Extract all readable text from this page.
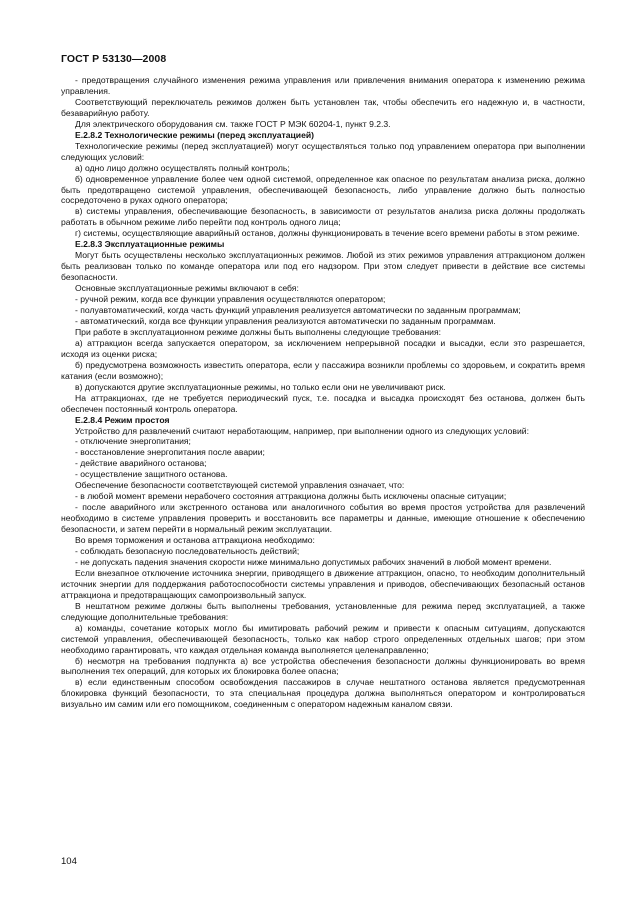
ГОСТ Р 53130—2008

- предотвращения случайного изменения режима управления или привлечения внимания оператора к изменению режима управления.

Соответствующий переключатель режимов должен быть установлен так, чтобы обеспечить его надежную и, в частности, безаварийную работу.

Для электрического оборудования см. также ГОСТ Р МЭК 60204-1, пункт 9.2.3.

Е.2.8.2 Технологические режимы (перед эксплуатацией)

Технологические режимы (перед эксплуатацией) могут осуществляться только под управлением оператора при выполнении следующих условий:

а) одно лицо должно осуществлять полный контроль;

б) одновременное управление более чем одной системой, определенное как опасное по результатам анализа риска, должно быть предотвращено системой управления, обеспечивающей безопасность, либо управление должно быть полностью сосредоточено в руках одного оператора;

в) системы управления, обеспечивающие безопасность, в зависимости от результатов анализа риска должны продолжать работать в обычном режиме либо перейти под контроль одного лица;

г) системы, осуществляющие аварийный останов, должны функционировать в течение всего времени работы в этом режиме.

Е.2.8.3 Эксплуатационные режимы

Могут быть осуществлены несколько эксплуатационных режимов. Любой из этих режимов управления аттракционом должен быть реализован только по команде оператора или под его надзором. При этом следует привести в действие все системы безопасности.

Основные эксплуатационные режимы включают в себя:

- ручной режим, когда все функции управления осуществляются оператором;

- полуавтоматический, когда часть функций управления реализуется автоматически по заданным программам;

- автоматический, когда все функции управления реализуются автоматически по заданным программам.

При работе в эксплуатационном режиме должны быть выполнены следующие требования:

а) аттракцион всегда запускается оператором, за исключением непрерывной посадки и высадки, если это разрешается, исходя из оценки риска;

б) предусмотрена возможность известить оператора, если у пассажира возникли проблемы со здоровьем, и сократить время катания (если возможно);

в) допускаются другие эксплуатационные режимы, но только если они не увеличивают риск.

На аттракционах, где не требуется периодический пуск, т.е. посадка и высадка происходят без останова, должен быть обеспечен постоянный контроль оператора.

Е.2.8.4 Режим простоя

Устройство для развлечений считают неработающим, например, при выполнении одного из следующих условий:

- отключение энергопитания;

- восстановление энергопитания после аварии;

- действие аварийного останова;

- осуществление защитного останова.

Обеспечение безопасности соответствующей системой управления означает, что:

- в любой момент времени нерабочего состояния аттракциона должны быть исключены опасные ситуации;

- после аварийного или экстренного останова или аналогичного события во время простоя устройства для развлечений необходимо в системе управления проверить и восстановить все параметры и данные, имеющие отношение к обеспечению безопасности, и затем перейти в нормальный режим эксплуатации.

Во время торможения и останова аттракциона необходимо:

- соблюдать безопасную последовательность действий;

- не допускать падения значения скорости ниже минимально допустимых рабочих значений в любой момент времени.

Если внезапное отключение источника энергии, приводящего в движение аттракцион, опасно, то необходим дополнительный источник энергии для поддержания работоспособности системы управления и приводов, обеспечивающих безопасный останов аттракциона и предотвращающих самопроизвольный запуск.

В нештатном режиме должны быть выполнены требования, установленные для режима перед эксплуатацией, а также следующие дополнительные требования:

а) команды, сочетание которых могло бы имитировать рабочий режим и привести к опасным ситуациям, допускаются системой управления, обеспечивающей безопасность, только как набор строго определенных отдельных шагов; при этом необходимо гарантировать, что каждая отдельная команда выполняется целенаправленно;

б) несмотря на требования подпункта а) все устройства обеспечения безопасности должны функционировать во время выполнения тех операций, для которых их блокировка более опасна;

в) если единственным способом освобождения пассажиров в случае нештатного останова является предусмотренная блокировка функций безопасности, то эта специальная процедура должна выполняться оператором и контролироваться визуально им самим или его помощником, соединенным с оператором надежным каналом связи.

104
